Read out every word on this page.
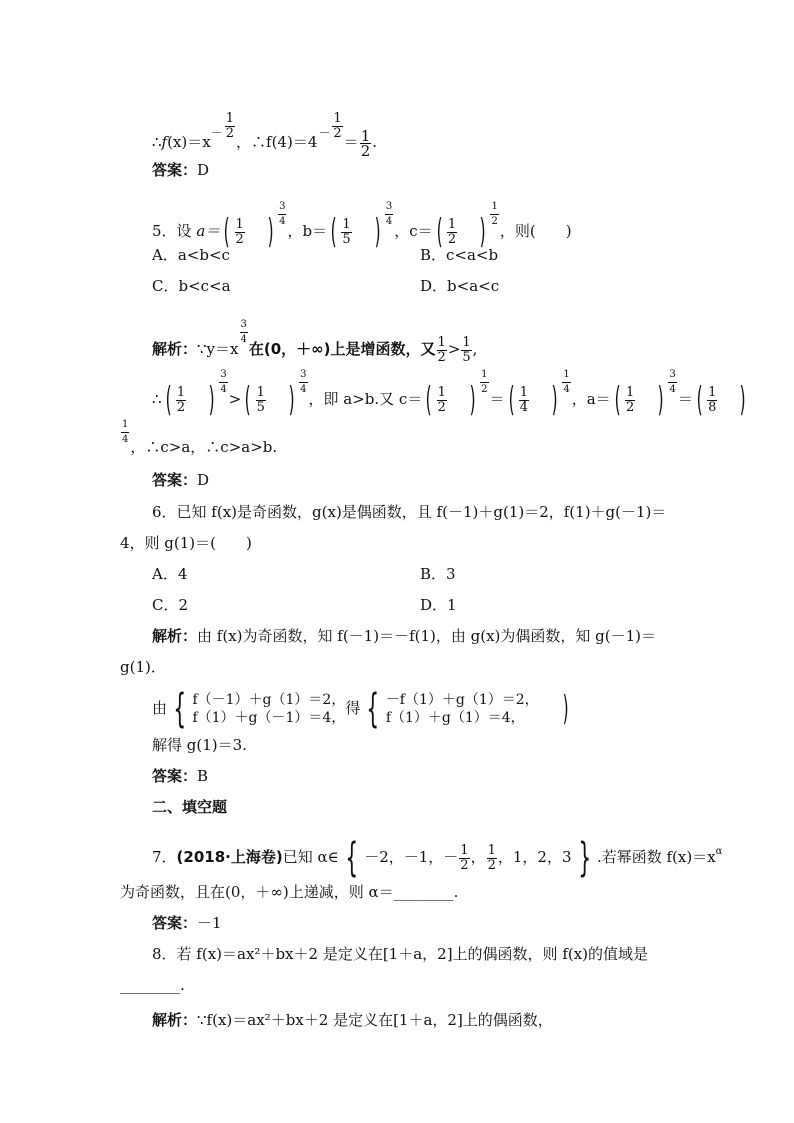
∴f(x)＝x－ $\frac{1}{2}$
，∴f(4)＝4－ $\frac{1}{2}$
＝ $\frac{1}{2}$ .
答案：D
5．设 a＝ ( $\frac{1}{2}$ ) $\frac{3}{4}$
，b＝ ( $\frac{1}{5}$ ) $\frac{3}{4}$
，c＝ ( $\frac{1}{2}$ ) $\frac{1}{2}$
，则(　　)
A．a<b<c	B．c<a<b
C．b<c<a	D．b<a<c
解析：∵y＝x
$\frac{3}{4}$
在(0，＋∞)上是增函数，又 $\frac{1}{2} > \frac{1}{5}$ ,
∴ ( $\frac{1}{2}$ ) $\frac{3}{4}$
> ( $\frac{1}{5}$ ) $\frac{3}{4}$
，即 a>b.又 c＝ ( $\frac{1}{2}$ ) $\frac{1}{2}$
＝ ( $\frac{1}{4}$ ) $\frac{1}{4}$
，a＝ ( $\frac{1}{2}$ ) $\frac{3}{4}$
＝ ( $\frac{1}{8}$ )
$\frac{1}{4}$ ，∴c>a，∴c>a>b.
答案：D
6．已知 f(x)是奇函数，g(x)是偶函数，且 f(－1)＋g(1)＝2，f(1)＋g(－1)＝
4，则 g(1)＝(　　)
A．4	B．3
C．2	D．1
解析：由 f(x)为奇函数，知 f(－1)＝－f(1)，由 g(x)为偶函数，知 g(－1)＝
g(1)．
由 { f（－1）＋g（1）＝2，
f（1）＋g（－1）＝4，
得 { －f（1）＋g（1）＝2，
f（1）＋g（1）＝4，	)
解得 g(1)＝3.
答案：B
二、填空题
7．(2018·上海卷)已知 α∈ { －2，－1，－ $\frac{1}{2}$ ， $\frac{1}{2}$ ，1，2，3 } .若幂函数 $f(x)=x^\alpha$
为奇函数，且在(0，＋∞)上递减，则 α＝________.
答案：－1
8．若 f(x)＝ax²＋bx＋2 是定义在[1＋a，2]上的偶函数，则 f(x)的值域是
________.
解析：∵f(x)＝ax²＋bx＋2 是定义在[1＋a，2]上的偶函数，
